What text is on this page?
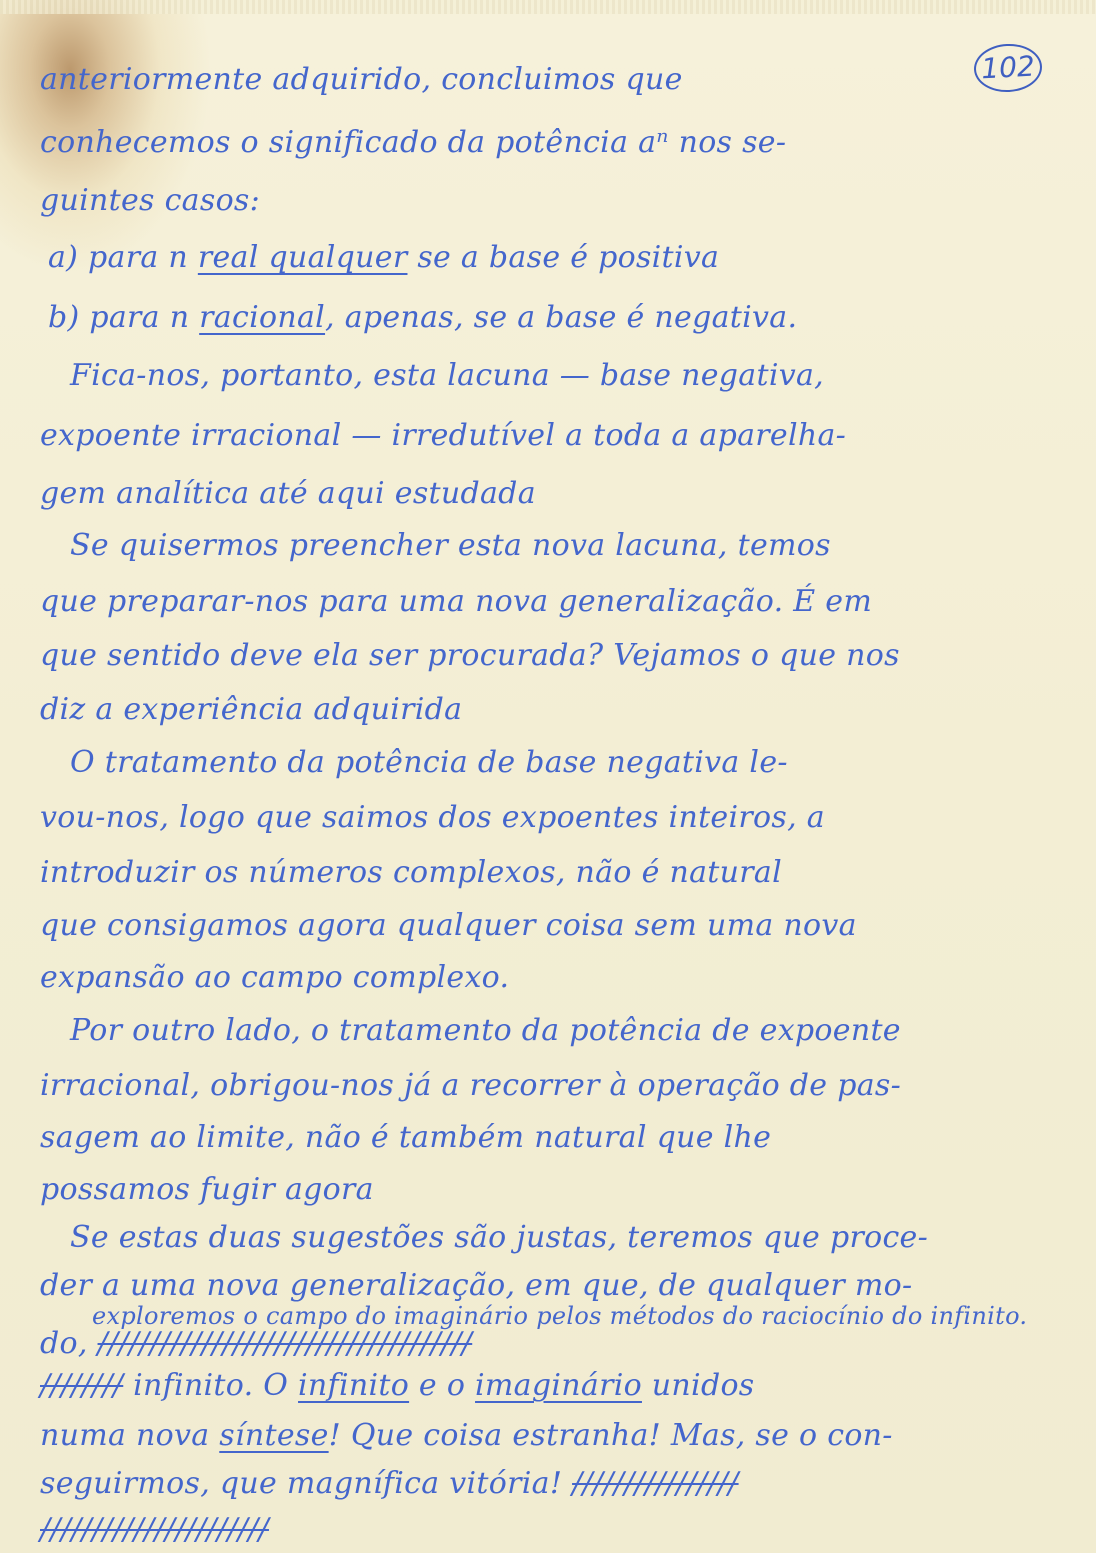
102
anteriormente adquirido, concluimos que
conhecemos o significado da potência aⁿ nos se-
guintes casos:
a) para n real qualquer se a base é positiva
b) para n racional, apenas, se a base é negativa.
Fica-nos, portanto, esta lacuna — base negativa,
expoente irracional — irredutível a toda a aparelha-
gem analítica até aqui estudada
Se quisermos preencher esta nova lacuna, temos
que preparar-nos para uma nova generalização. É em
que sentido deve ela ser procurada? Vejamos o que nos
diz a experiência adquirida
O tratamento da potência de base negativa le-
vou-nos, logo que saimos dos expoentes inteiros, a
introduzir os números complexos, não é natural
que consigamos agora qualquer coisa sem uma nova
expansão ao campo complexo.
Por outro lado, o tratamento da potência de expoente
irracional, obrigou-nos já a recorrer à operação de pas-
sagem ao limite, não é também natural que lhe
possamos fugir agora
Se estas duas sugestões são justas, teremos que proce-
der a uma nova generalização, em que, de qualquer mo-
exploremos o campo do imaginário pelos métodos do raciocínio do infinito.
do, ////////////////////////////////////
//////// infinito. O infinito e o imaginário unidos
numa nova síntese! Que coisa estranha! Mas, se o con-
seguirmos, que magnífica vitória! ////////////////
//////////////////////
